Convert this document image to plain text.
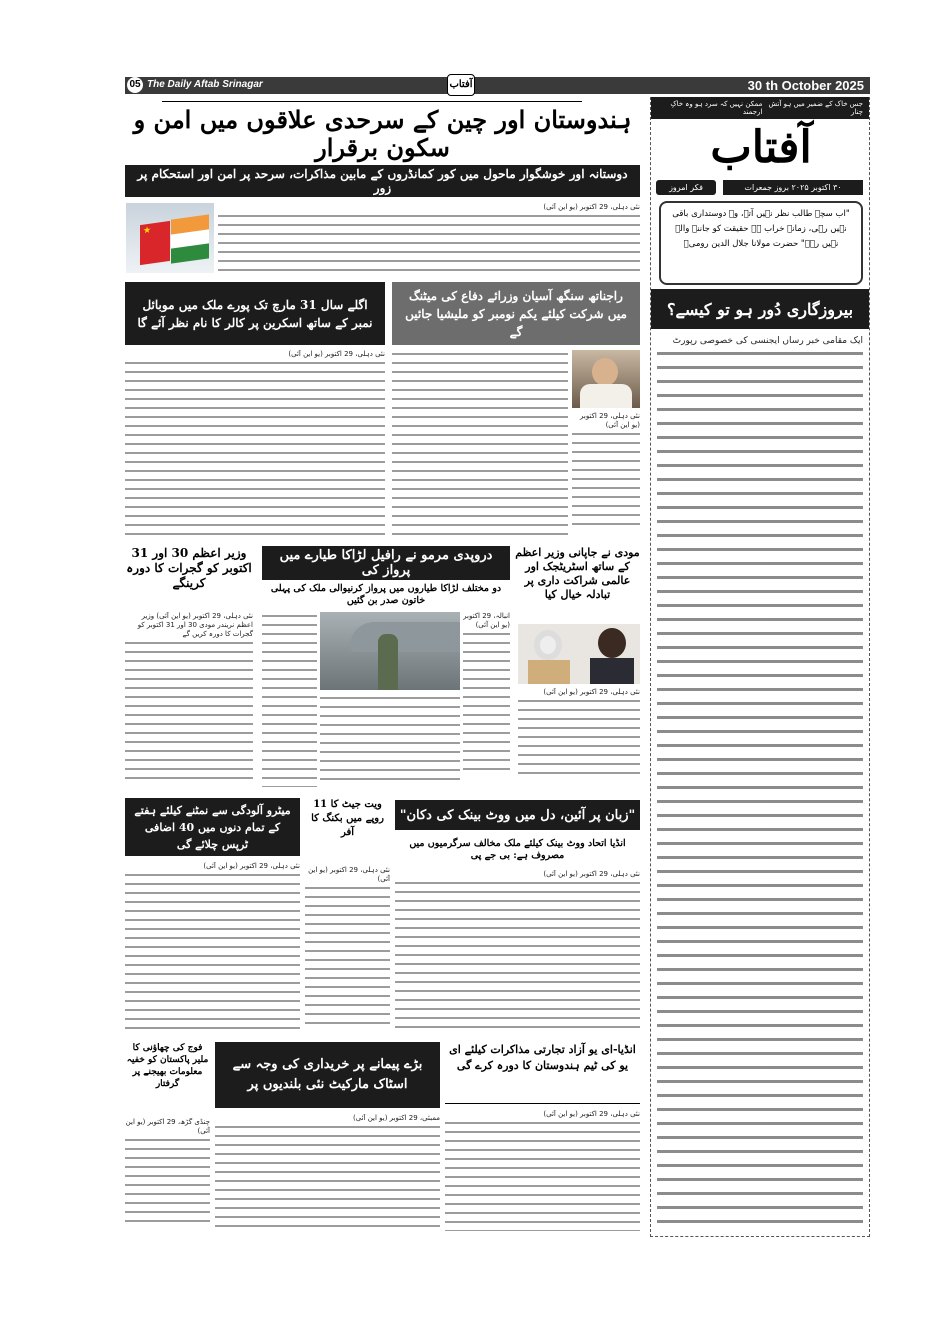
05 The Daily Aftab Srinagar	آفتاب	30 th October 2025
جس خاک کے ضمیر میں ہو آتش چنار
ممکن نہیں کہ سرد ہو وہ خاکِ ارجمند
آفتاب
فکر امروز	۳۰ اکتوبر ۲۰۲۵ بروز جمعرات
"اب سچے طالب نظر نہیں آتے، وہ دوستداری باقی نہیں رہی، زمانہ خراب ہے حقیقت کو جاننے والے نہیں رہے" حضرت مولانا جلال الدین رومیؒ
بیروزگاری دُور ہو تو کیسے؟
ایک مقامی خبر رساں ایجنسی کی خصوصی رپورٹ
ہندوستان اور چین کے سرحدی علاقوں میں امن و سکون برقرار
دوستانہ اور خوشگوار ماحول میں کور کمانڈروں کے مابین مذاکرات، سرحد پر امن اور استحکام پر زور
★
نئی دہلی، 29 اکتوبر (یو این آئی)
اگلے سال 31 مارچ تک پورے ملک میں موبائل نمبر کے ساتھ اسکرین پر کالر کا نام نظر آئے گا
نئی دہلی، 29 اکتوبر (یو این آئی)
راجناتھ سنگھ آسیان وزرائے دفاع کی میٹنگ میں شرکت کیلئے یکم نومبر کو ملیشیا جائیں گے
نئی دہلی، 29 اکتوبر (یو این آئی)
وزیر اعظم 30 اور 31 اکتوبر کو گجرات کا دورہ کرینگے
نئی دہلی، 29 اکتوبر (یو این آئی) وزیر اعظم نریندر مودی 30 اور 31 اکتوبر کو گجرات کا دورہ کریں گے
دروپدی مرمو نے رافیل لڑاکا طیارے میں پرواز کی
دو مختلف لڑاکا طیاروں میں پرواز کرنیوالی ملک کی پہلی خاتون صدر بن گئیں
انبالہ، 29 اکتوبر (یو این آئی)
مودی نے جاپانی وزیر اعظم کے ساتھ اسٹریٹجک اور عالمی شراکت داری پر تبادلہ خیال کیا
نئی دہلی، 29 اکتوبر (یو این آئی)
میٹرو آلودگی سے نمٹنے کیلئے ہفتے کے تمام دنوں میں 40 اضافی ٹرپس چلائے گی
نئی دہلی، 29 اکتوبر (یو این آئی)
ویت جیٹ کا 11 روپے میں بکنگ کا آفر
نئی دہلی، 29 اکتوبر (یو این آئی)
"زبان پر آئین، دل میں ووٹ بینک کی دکان"
انڈیا اتحاد ووٹ بینک کیلئے ملک مخالف سرگرمیوں میں مصروف ہے: بی جے پی
نئی دہلی، 29 اکتوبر (یو این آئی)
فوج کی چھاؤنی کا ملیر پاکستان کو خفیہ معلومات بھیجنے پر گرفتار
چنڈی گڑھ، 29 اکتوبر (یو این آئی)
بڑے پیمانے پر خریداری کی وجہ سے اسٹاک مارکیٹ نئی بلندیوں پر
ممبئی، 29 اکتوبر (یو این آئی)
انڈیا-ای یو آزاد تجارتی مذاکرات کیلئے ای یو کی ٹیم ہندوستان کا دورہ کرے گی
نئی دہلی، 29 اکتوبر (یو این آئی)
